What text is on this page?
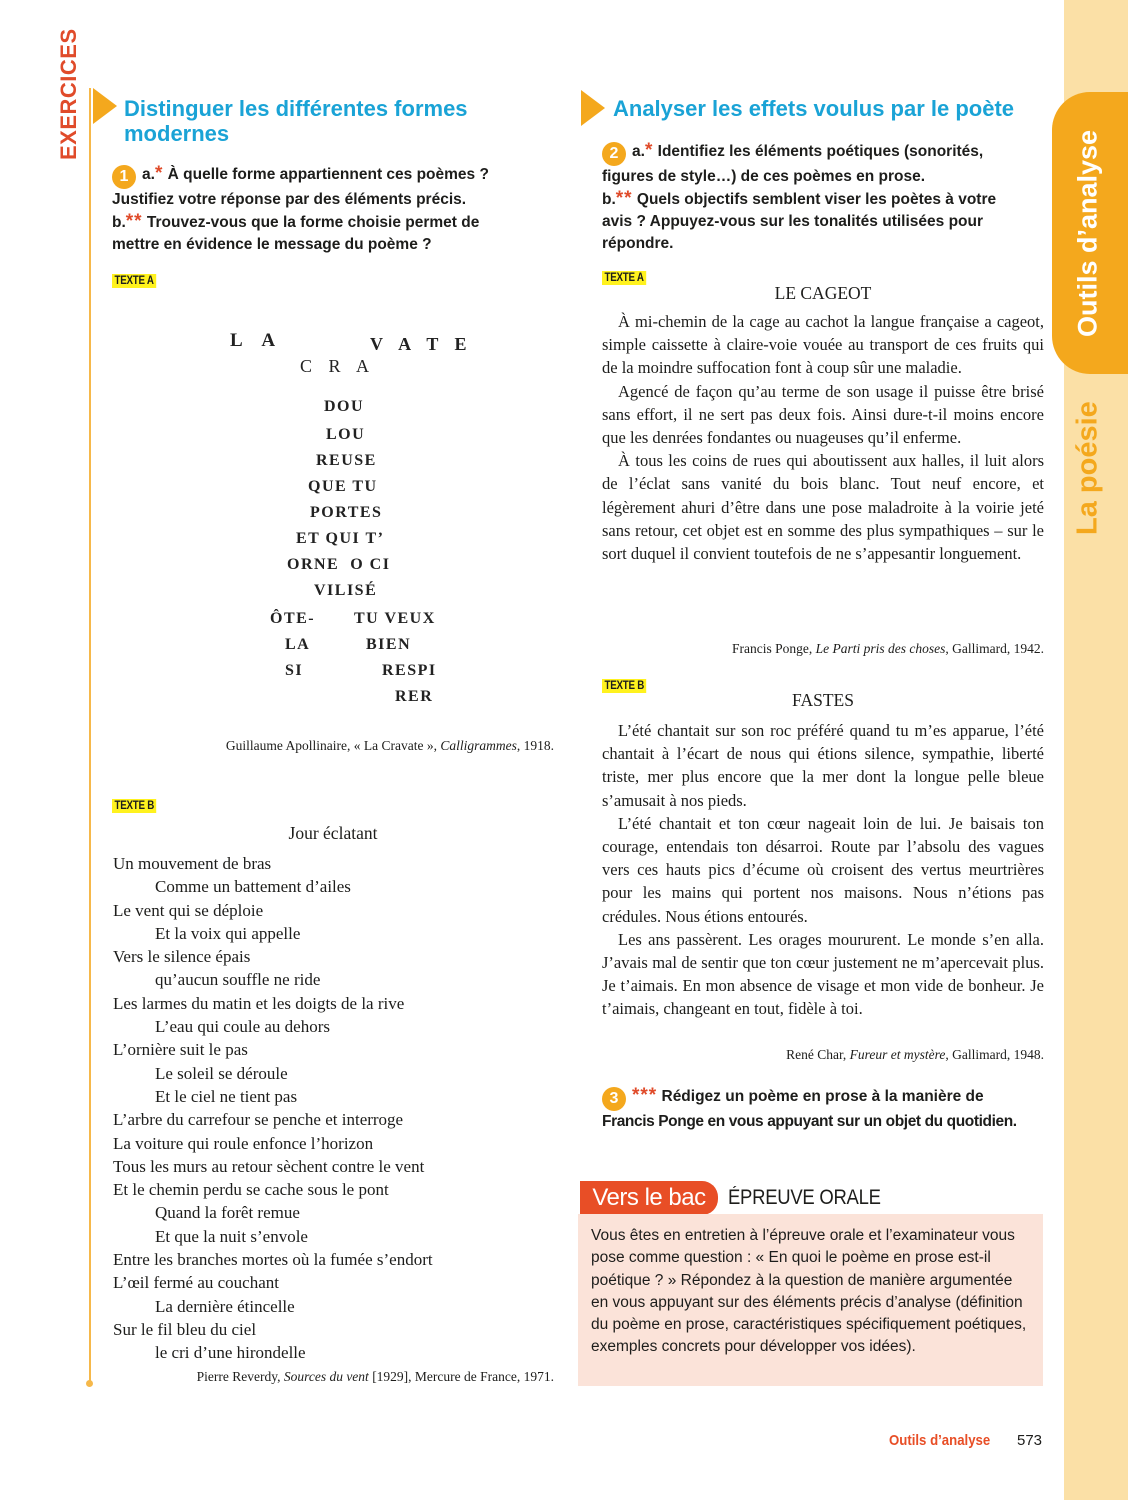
Outils d’analyse
La poésie
EXERCICES Distinguer les différentes formes
modernes
1 a.* À quelle forme appartiennent ces poèmes ?
Justifiez votre réponse par des éléments précis.
b.** Trouvez-vous que la forme choisie permet de
mettre en évidence le message du poème ?
TEXTE A
L A
C R A
V A T E
DOU
LOU
REUSE
QUE TU
PORTES
ET QUI T’
ORNE  O CI
VILISÉ
ÔTE- TU VEUX
LA	BIEN
SI	RESPI
RER
Guillaume Apollinaire, « La Cravate », Calligrammes, 1918.
TEXTE B
Jour éclatant
Un mouvement de bras
Comme un battement d’ailes
Le vent qui se déploie
Et la voix qui appelle
Vers le silence épais
qu’aucun souffle ne ride
Les larmes du matin et les doigts de la rive
L’eau qui coule au dehors
L’ornière suit le pas
Le soleil se déroule
Et le ciel ne tient pas
L’arbre du carrefour se penche et interroge
La voiture qui roule enfonce l’horizon
Tous les murs au retour sèchent contre le vent
Et le chemin perdu se cache sous le pont
Quand la forêt remue
Et que la nuit s’envole
Entre les branches mortes où la fumée s’endort
L’œil fermé au couchant
La dernière étincelle
Sur le fil bleu du ciel
le cri d’une hirondelle
Pierre Reverdy, Sources du vent [1929], Mercure de France, 1971.
Analyser les effets voulus par le poète
2 a.* Identifiez les éléments poétiques (sonorités,
figures de style…) de ces poèmes en prose.
b.** Quels objectifs semblent viser les poètes à votre
avis ? Appuyez-vous sur les tonalités utilisées pour
répondre.
TEXTE A
LE CAGEOT

À mi-chemin de la cage au cachot la langue française a cageot, simple caissette à claire-voie vouée au transport de ces fruits qui de la moindre suffocation font à coup sûr une maladie.

Agencé de façon qu’au terme de son usage il puisse être brisé sans effort, il ne sert pas deux fois. Ainsi dure-t-il moins encore que les denrées fondantes ou nuageuses qu’il enferme.

À tous les coins de rues qui aboutissent aux halles, il luit alors de l’éclat sans vanité du bois blanc. Tout neuf encore, et légèrement ahuri d’être dans une pose maladroite à la voirie jeté sans retour, cet objet est en somme des plus sympathiques – sur le sort duquel il convient toutefois de ne s’appesantir longuement.

Francis Ponge, Le Parti pris des choses, Gallimard, 1942.
TEXTE B
FASTES

L’été chantait sur son roc préféré quand tu m’es apparue, l’été chantait à l’écart de nous qui étions silence, sympathie, liberté triste, mer plus encore que la mer dont la longue pelle bleue s’amusait à nos pieds.

L’été chantait et ton cœur nageait loin de lui. Je baisais ton courage, entendais ton désarroi. Route par l’absolu des vagues vers ces hauts pics d’écume où croisent des vertus meurtrières pour les mains qui portent nos maisons. Nous n’étions pas crédules. Nous étions entourés.

Les ans passèrent. Les orages moururent. Le monde s’en alla. J’avais mal de sentir que ton cœur justement ne m’apercevait plus. Je t’aimais. En mon absence de visage et mon vide de bonheur. Je t’aimais, changeant en tout, fidèle à toi.

René Char, Fureur et mystère, Gallimard, 1948.
3 *** Rédigez un poème en prose à la manière de
Francis Ponge en vous appuyant sur un objet du quotidien.
Vers le bac	ÉPREUVE ORALE
Vous êtes en entretien à l’épreuve orale et l’examinateur vous pose comme question : « En quoi le poème en prose est-il poétique ? » Répondez à la question de manière argumentée en vous appuyant sur des éléments précis d’analyse (définition du poème en prose, caractéristiques spécifiquement poétiques, exemples concrets pour développer vos idées).
Outils d’analyse 573
